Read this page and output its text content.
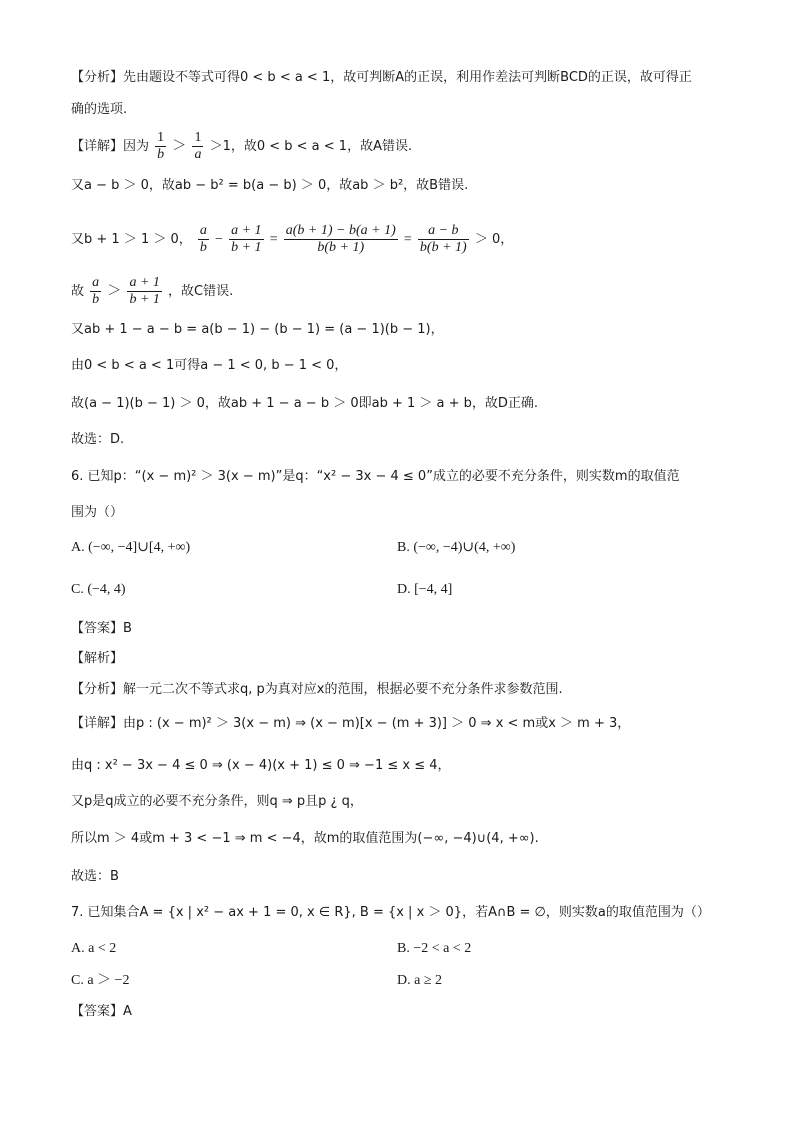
【分析】先由题设不等式可得0 < b < a < 1，故可判断A的正误，利用作差法可判断BCD的正误，故可得正
确的选项.
【详解】因为 $\frac{1}{b} > \frac{1}{a} >1$，故0 < b < a < 1，故A错误.
又a − b ＞ 0，故ab − b² = b(a − b) ＞ 0，故ab ＞ b²，故B错误.
又b + 1 ＞ 1 ＞ 0， $\frac{a}{b} - \frac{a + 1}{b + 1} = \frac{a(b + 1) - b(a + 1)}{b(b + 1)} = \frac{a - b}{b(b + 1)} > 0$，
故 $\frac{a}{b} > \frac{a + 1}{b + 1}$ ，故C错误.
又ab + 1 − a − b = a(b − 1) − (b − 1) = (a − 1)(b − 1)，
由0 < b < a < 1可得a − 1 < 0, b − 1 < 0，
故(a − 1)(b − 1) ＞ 0，故ab + 1 − a − b ＞ 0即ab + 1 ＞ a + b，故D正确.
故选：D.
6. 已知p：“(x − m)² ＞ 3(x − m)”是q：“x² − 3x − 4 ≤ 0”成立的必要不充分条件，则实数m的取值范
围为（）
A. (−∞, −4]∪[4, +∞)	B. (−∞, −4)∪(4, +∞)
C. (−4, 4)	D. [−4, 4]
【答案】B
【解析】
【分析】解一元二次不等式求q, p为真对应x的范围，根据必要不充分条件求参数范围.
【详解】由p : (x − m)² ＞ 3(x − m) ⇒ (x − m)[x − (m + 3)] ＞ 0 ⇒ x < m或x ＞ m + 3，
由q : x² − 3x − 4 ≤ 0 ⇒ (x − 4)(x + 1) ≤ 0 ⇒ −1 ≤ x ≤ 4，
又p是q成立的必要不充分条件，则q ⇒ p且p ¿ q，
所以m ＞ 4或m + 3 < −1 ⇒ m < −4，故m的取值范围为(−∞, −4)∪(4, +∞).
故选：B
7. 已知集合A = {x | x² − ax + 1 = 0, x ∈ R}, B = {x | x ＞ 0}，若A∩B = ∅，则实数a的取值范围为（）
A. a < 2	B. −2 < a < 2
C. a ＞ −2	D. a ≥ 2
【答案】A
